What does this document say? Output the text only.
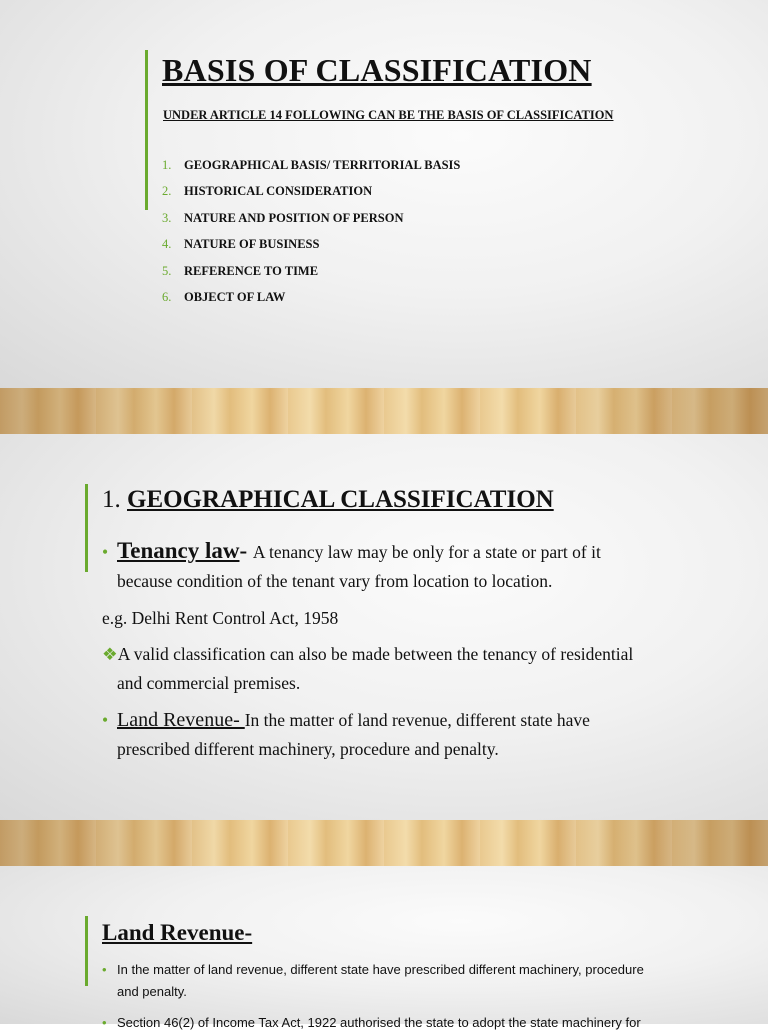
BASIS OF CLASSIFICATION
UNDER ARTICLE 14 FOLLOWING CAN BE THE BASIS OF CLASSIFICATION
1.	GEOGRAPHICAL BASIS/ TERRITORIAL BASIS
2.	HISTORICAL CONSIDERATION
3.	NATURE AND POSITION OF PERSON
4.	NATURE OF BUSINESS
5.	REFERENCE TO TIME
6.	OBJECT OF LAW
1. GEOGRAPHICAL CLASSIFICATION
• Tenancy law- A tenancy law may be only for a state or part of it
because condition of the tenant vary from location to location.
e.g. Delhi Rent Control Act, 1958
❖A valid classification can also be made between the tenancy of residential
and commercial premises.
• Land Revenue- In the matter of land revenue, different state have
prescribed different machinery, procedure and penalty.
Land Revenue-
• In the matter of land revenue, different state have prescribed different machinery, procedure
and penalty.
• Section 46(2) of Income Tax Act, 1922 authorised the state to adopt the state machinery for
